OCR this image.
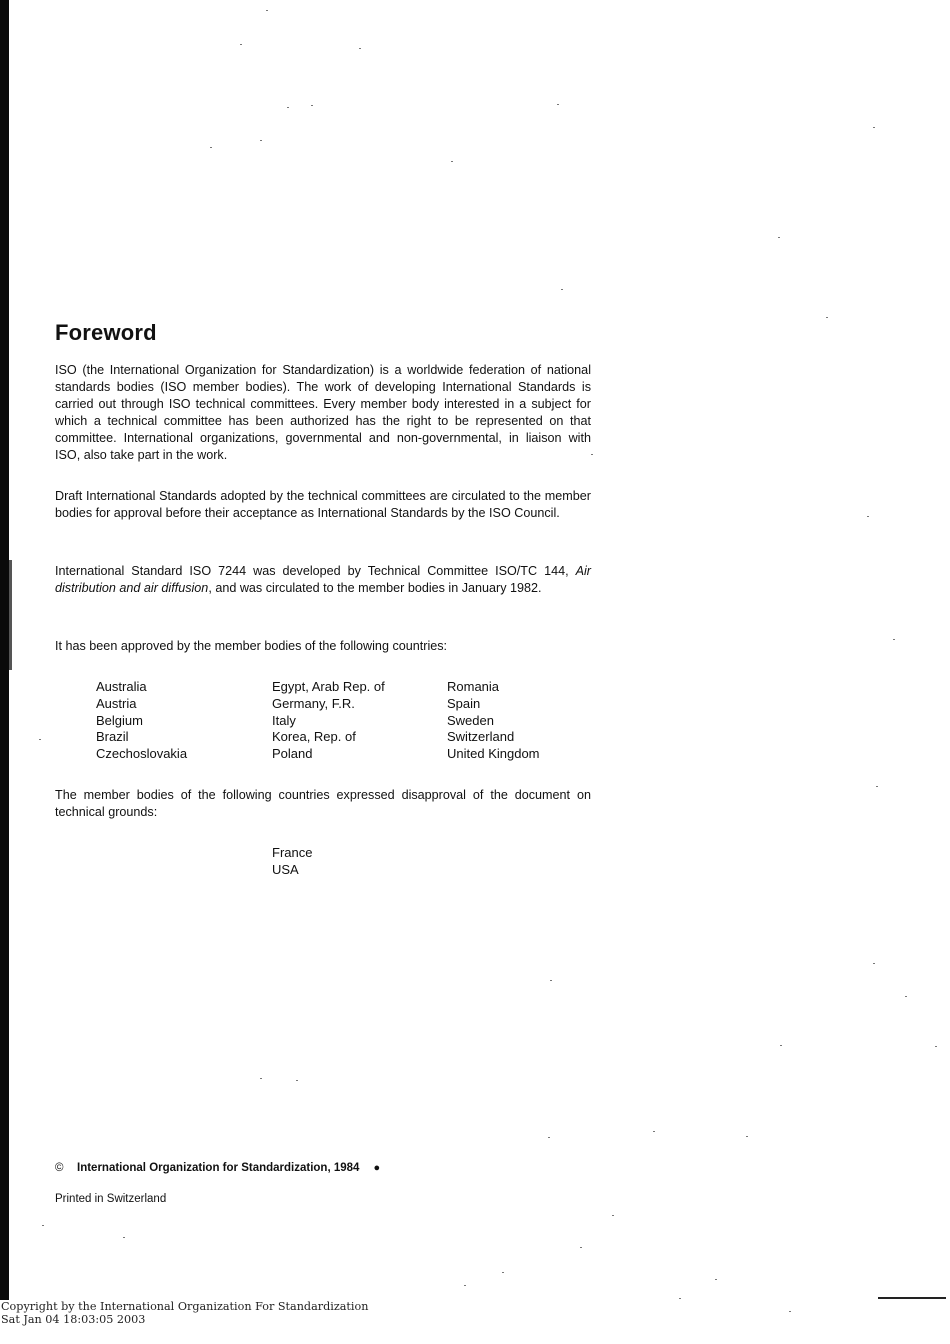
Foreword

ISO (the International Organization for Standardization) is a worldwide federation of national standards bodies (ISO member bodies). The work of developing International Standards is carried out through ISO technical committees. Every member body interested in a subject for which a technical committee has been authorized has the right to be represented on that committee. International organizations, governmental and non-governmental, in liaison with ISO, also take part in the work.

Draft International Standards adopted by the technical committees are circulated to the member bodies for approval before their acceptance as International Standards by the ISO Council.

International Standard ISO 7244 was developed by Technical Committee ISO/TC 144, Air distribution and air diffusion, and was circulated to the member bodies in January 1982.

It has been approved by the member bodies of the following countries:

Australia
Austria
Belgium
Brazil
Czechoslovakia
Egypt, Arab Rep. of
Germany, F.R.
Italy
Korea, Rep. of
Poland
Romania
Spain
Sweden
Switzerland
United Kingdom

The member bodies of the following countries expressed disapproval of the document on technical grounds:

France
USA
© International Organization for Standardization, 1984 ●
Printed in Switzerland
Copyright by the International Organization For Standardization
Sat Jan 04 18:03:05 2003
